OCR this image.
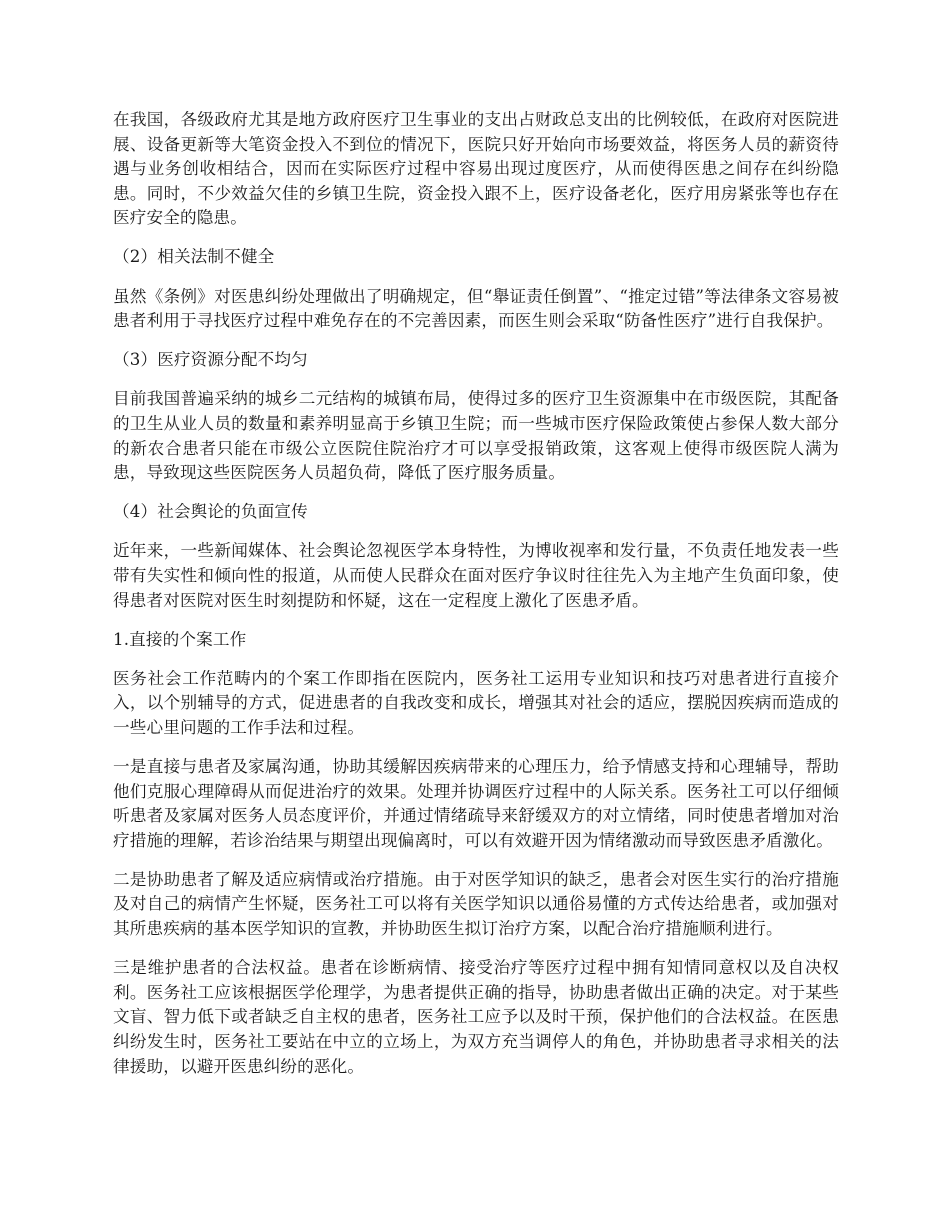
在我国，各级政府尤其是地方政府医疗卫生事业的支出占财政总支出的比例较低，在政府对医院进展、设备更新等大笔资金投入不到位的情况下，医院只好开始向市场要效益，将医务人员的薪资待遇与业务创收相结合，因而在实际医疗过程中容易出现过度医疗，从而使得医患之间存在纠纷隐患。同时，不少效益欠佳的乡镇卫生院，资金投入跟不上，医疗设备老化，医疗用房紧张等也存在医疗安全的隐患。

（2）相关法制不健全

虽然《条例》对医患纠纷处理做出了明确规定，但“舉证责任倒置”、“推定过错”等法律条文容易被患者利用于寻找医疗过程中难免存在的不完善因素，而医生则会采取“防备性医疗”进行自我保护。

（3）医疗资源分配不均匀

目前我国普遍采纳的城乡二元结构的城镇布局，使得过多的医疗卫生资源集中在市级医院，其配备的卫生从业人员的数量和素养明显高于乡镇卫生院；而一些城市医疗保险政策使占参保人数大部分的新农合患者只能在市级公立医院住院治疗才可以享受报销政策，这客观上使得市级医院人满为患，导致现这些医院医务人员超负荷，降低了医疗服务质量。

（4）社会舆论的负面宣传

近年来，一些新闻媒体、社会舆论忽视医学本身特性，为博收视率和发行量，不负责任地发表一些带有失实性和倾向性的报道，从而使人民群众在面对医疗争议时往往先入为主地产生负面印象，使得患者对医院对医生时刻提防和怀疑，这在一定程度上激化了医患矛盾。

1.直接的个案工作

医务社会工作范畴内的个案工作即指在医院内，医务社工运用专业知识和技巧对患者进行直接介入，以个别辅导的方式，促进患者的自我改变和成长，增强其对社会的适应，摆脱因疾病而造成的一些心里问题的工作手法和过程。

一是直接与患者及家属沟通，协助其缓解因疾病带来的心理压力，给予情感支持和心理辅导，帮助他们克服心理障碍从而促进治疗的效果。处理并协调医疗过程中的人际关系。医务社工可以仔细倾听患者及家属对医务人员态度评价，并通过情绪疏导来舒缓双方的对立情绪，同时使患者增加对治疗措施的理解，若诊治结果与期望出现偏离时，可以有效避开因为情绪激动而导致医患矛盾激化。

二是协助患者了解及适应病情或治疗措施。由于对医学知识的缺乏，患者会对医生实行的治疗措施及对自己的病情产生怀疑，医务社工可以将有关医学知识以通俗易懂的方式传达给患者，或加强对其所患疾病的基本医学知识的宣教，并协助医生拟订治疗方案，以配合治疗措施顺利进行。

三是维护患者的合法权益。患者在诊断病情、接受治疗等医疗过程中拥有知情同意权以及自决权利。医务社工应该根据医学伦理学，为患者提供正确的指导，协助患者做出正确的决定。对于某些文盲、智力低下或者缺乏自主权的患者，医务社工应予以及时干预，保护他们的合法权益。在医患纠纷发生时，医务社工要站在中立的立场上，为双方充当调停人的角色，并协助患者寻求相关的法律援助，以避开医患纠纷的恶化。
